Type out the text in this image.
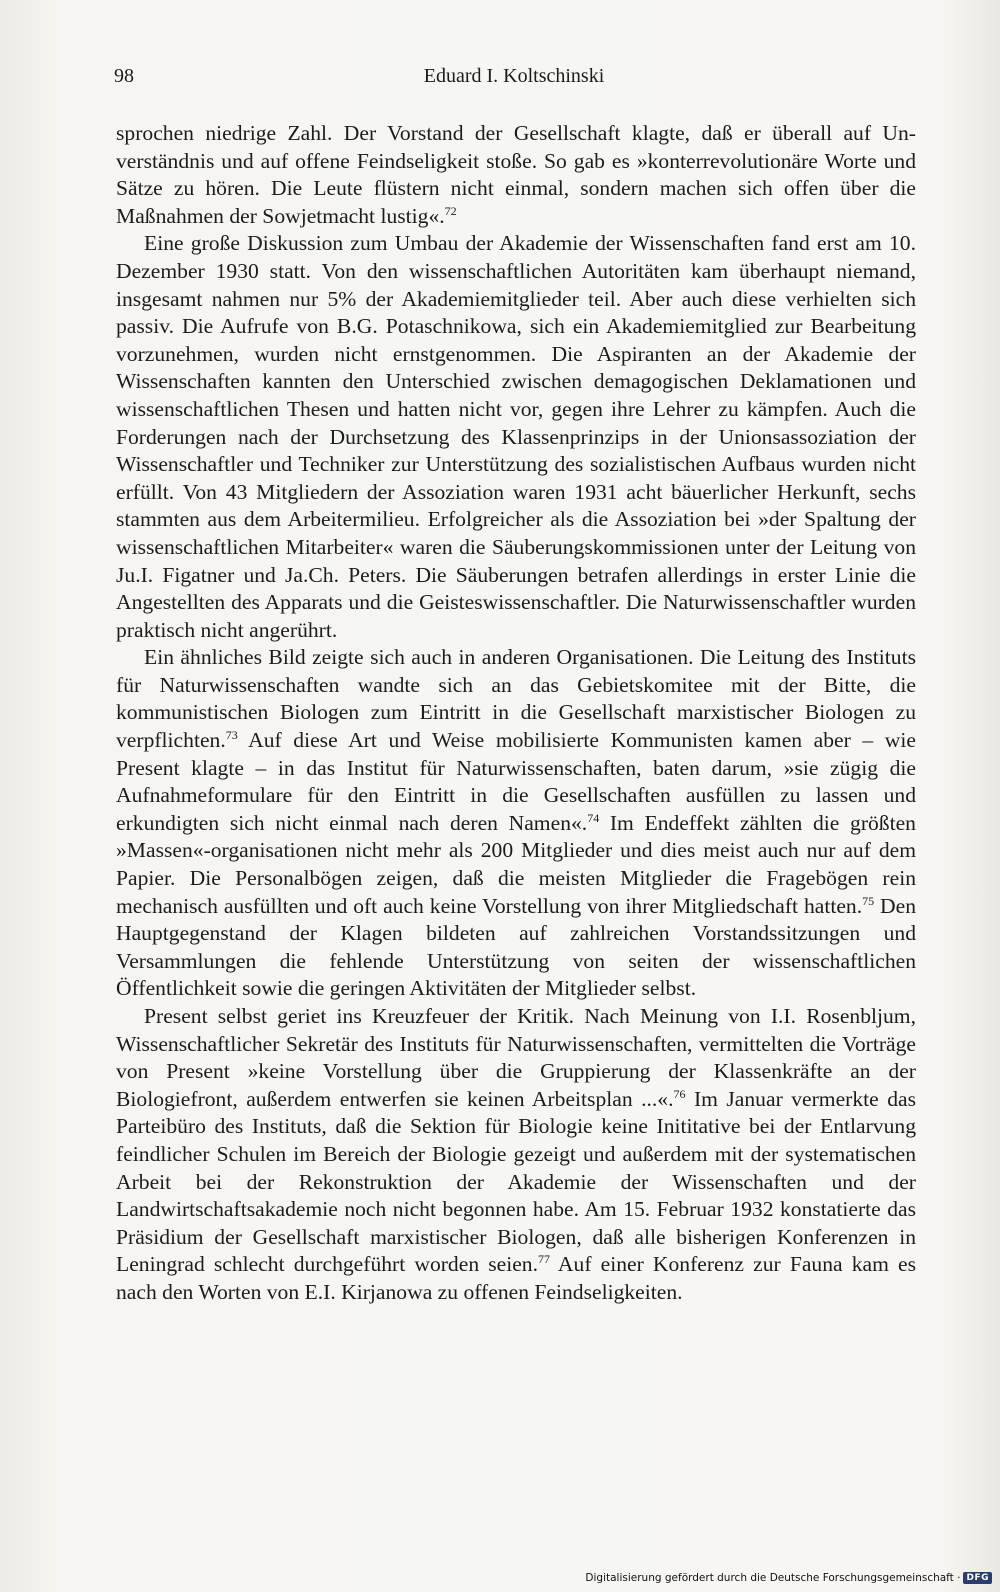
98	Eduard I. Koltschinski

sprochen niedrige Zahl. Der Vorstand der Gesellschaft klagte, daß er überall auf Unverständnis und auf offene Feindseligkeit stoße. So gab es »konterrevolutionäre Worte und Sätze zu hören. Die Leute flüstern nicht einmal, sondern machen sich offen über die Maßnahmen der Sowjetmacht lustig«.$^{72}$

Eine große Diskussion zum Umbau der Akademie der Wissenschaften fand erst am 10. Dezember 1930 statt. Von den wissenschaftlichen Autoritäten kam überhaupt niemand, insgesamt nahmen nur 5% der Akademiemitglieder teil. Aber auch diese verhielten sich passiv. Die Aufrufe von B.G. Potaschnikowa, sich ein Akademiemitglied zur Bearbeitung vorzunehmen, wurden nicht ernstgenommen. Die Aspiranten an der Akademie der Wissenschaften kannten den Unterschied zwischen demagogischen Deklamationen und wissenschaftlichen Thesen und hatten nicht vor, gegen ihre Lehrer zu kämpfen. Auch die Forderungen nach der Durchsetzung des Klassenprinzips in der Unionsassoziation der Wissenschaftler und Techniker zur Unterstützung des sozialistischen Aufbaus wurden nicht erfüllt. Von 43 Mitgliedern der Assoziation waren 1931 acht bäuerlicher Herkunft, sechs stammten aus dem Arbeitermilieu. Erfolgreicher als die Assoziation bei »der Spaltung der wissenschaftlichen Mitarbeiter« waren die Säuberungskommissionen unter der Leitung von Ju.I. Figatner und Ja.Ch. Peters. Die Säuberungen betrafen allerdings in erster Linie die Angestellten des Apparats und die Geisteswissenschaftler. Die Naturwissenschaftler wurden praktisch nicht angerührt.

Ein ähnliches Bild zeigte sich auch in anderen Organisationen. Die Leitung des Instituts für Naturwissenschaften wandte sich an das Gebietskomitee mit der Bitte, die kommunistischen Biologen zum Eintritt in die Gesellschaft marxistischer Biologen zu verpflichten.$^{73}$ Auf diese Art und Weise mobilisierte Kommunisten kamen aber – wie Present klagte – in das Institut für Naturwissenschaften, baten darum, »sie zügig die Aufnahmeformulare für den Eintritt in die Gesellschaften ausfüllen zu lassen und erkundigten sich nicht einmal nach deren Namen«.$^{74}$ Im Endeffekt zählten die größten »Massen«-organisationen nicht mehr als 200 Mitglieder und dies meist auch nur auf dem Papier. Die Personalbögen zeigen, daß die meisten Mitglieder die Fragebögen rein mechanisch ausfüllten und oft auch keine Vorstellung von ihrer Mitgliedschaft hatten.$^{75}$ Den Hauptgegenstand der Klagen bildeten auf zahlreichen Vorstandssitzungen und Versammlungen die fehlende Unterstützung von seiten der wissenschaftlichen Öffentlichkeit sowie die geringen Aktivitäten der Mitglieder selbst.

Present selbst geriet ins Kreuzfeuer der Kritik. Nach Meinung von I.I. Rosenbljum, Wissenschaftlicher Sekretär des Instituts für Naturwissenschaften, vermittelten die Vorträge von Present »keine Vorstellung über die Gruppierung der Klassenkräfte an der Biologiefront, außerdem entwerfen sie keinen Arbeitsplan ...«.$^{76}$ Im Januar vermerkte das Parteibüro des Instituts, daß die Sektion für Biologie keine Inititative bei der Entlarvung feindlicher Schulen im Bereich der Biologie gezeigt und außerdem mit der systematischen Arbeit bei der Rekonstruktion der Akademie der Wissenschaften und der Landwirtschaftsakademie noch nicht begonnen habe. Am 15. Februar 1932 konstatierte das Präsidium der Gesellschaft marxistischer Biologen, daß alle bisherigen Konferenzen in Leningrad schlecht durchgeführt worden seien.$^{77}$ Auf einer Konferenz zur Fauna kam es nach den Worten von E.I. Kirjanowa zu offenen Feindseligkeiten.

Digitalisierung gefördert durch die Deutsche Forschungsgemeinschaft · DFG
